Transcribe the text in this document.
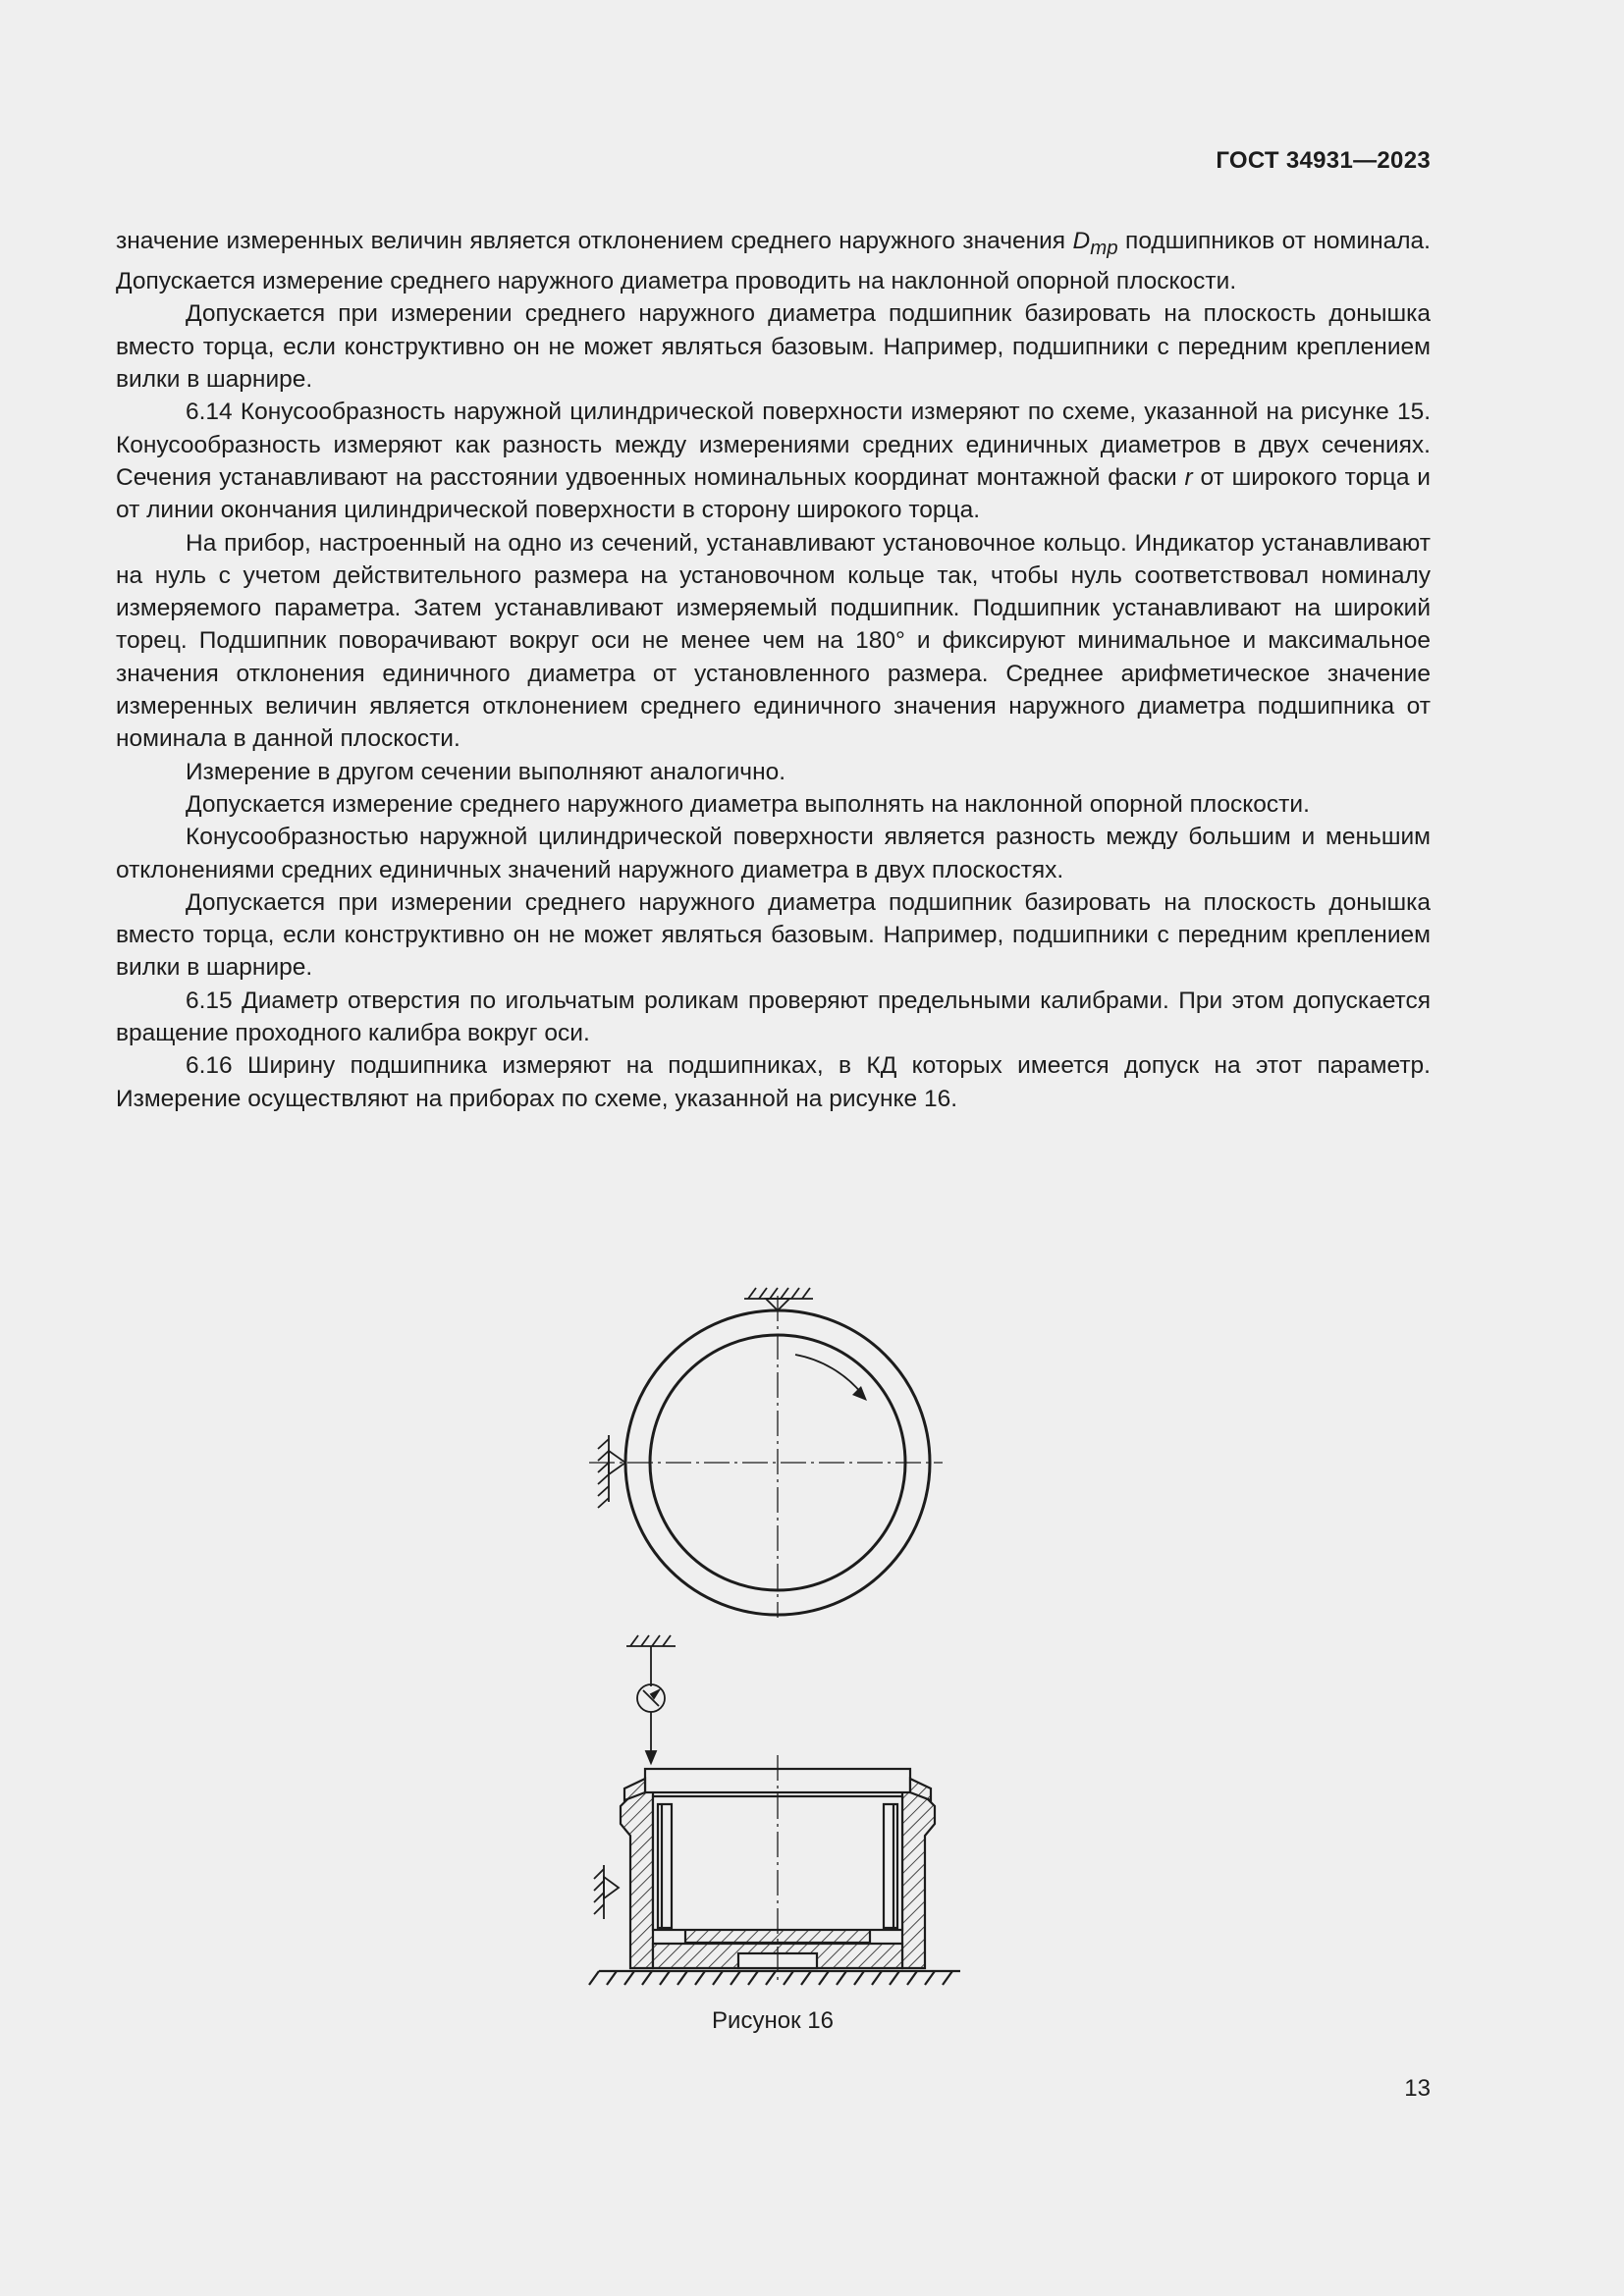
ГОСТ 34931—2023

значение измеренных величин является отклонением среднего наружного значения $D_{mp}$ подшипников от номинала. Допускается измерение среднего наружного диаметра проводить на наклонной опорной плоскости.

Допускается при измерении среднего наружного диаметра подшипник базировать на плоскость донышка вместо торца, если конструктивно он не может являться базовым. Например, подшипники с передним креплением вилки в шарнире.

6.14 Конусообразность наружной цилиндрической поверхности измеряют по схеме, указанной на рисунке 15. Конусообразность измеряют как разность между измерениями средних единичных диаметров в двух сечениях. Сечения устанавливают на расстоянии удвоенных номинальных координат монтажной фаски r от широкого торца и от линии окончания цилиндрической поверхности в сторону широкого торца.

На прибор, настроенный на одно из сечений, устанавливают установочное кольцо. Индикатор устанавливают на нуль с учетом действительного размера на установочном кольце так, чтобы нуль соответствовал номиналу измеряемого параметра. Затем устанавливают измеряемый подшипник. Подшипник устанавливают на широкий торец. Подшипник поворачивают вокруг оси не менее чем на 180° и фиксируют минимальное и максимальное значения отклонения единичного диаметра от установленного размера. Среднее арифметическое значение измеренных величин является отклонением среднего единичного значения наружного диаметра подшипника от номинала в данной плоскости.

Измерение в другом сечении выполняют аналогично.

Допускается измерение среднего наружного диаметра выполнять на наклонной опорной плоскости.

Конусообразностью наружной цилиндрической поверхности является разность между большим и меньшим отклонениями средних единичных значений наружного диаметра в двух плоскостях.

Допускается при измерении среднего наружного диаметра подшипник базировать на плоскость донышка вместо торца, если конструктивно он не может являться базовым. Например, подшипники с передним креплением вилки в шарнире.

6.15 Диаметр отверстия по игольчатым роликам проверяют предельными калибрами. При этом допускается вращение проходного калибра вокруг оси.

6.16 Ширину подшипника измеряют на подшипниках, в КД которых имеется допуск на этот параметр. Измерение осуществляют на приборах по схеме, указанной на рисунке 16.

Рисунок 16
13
